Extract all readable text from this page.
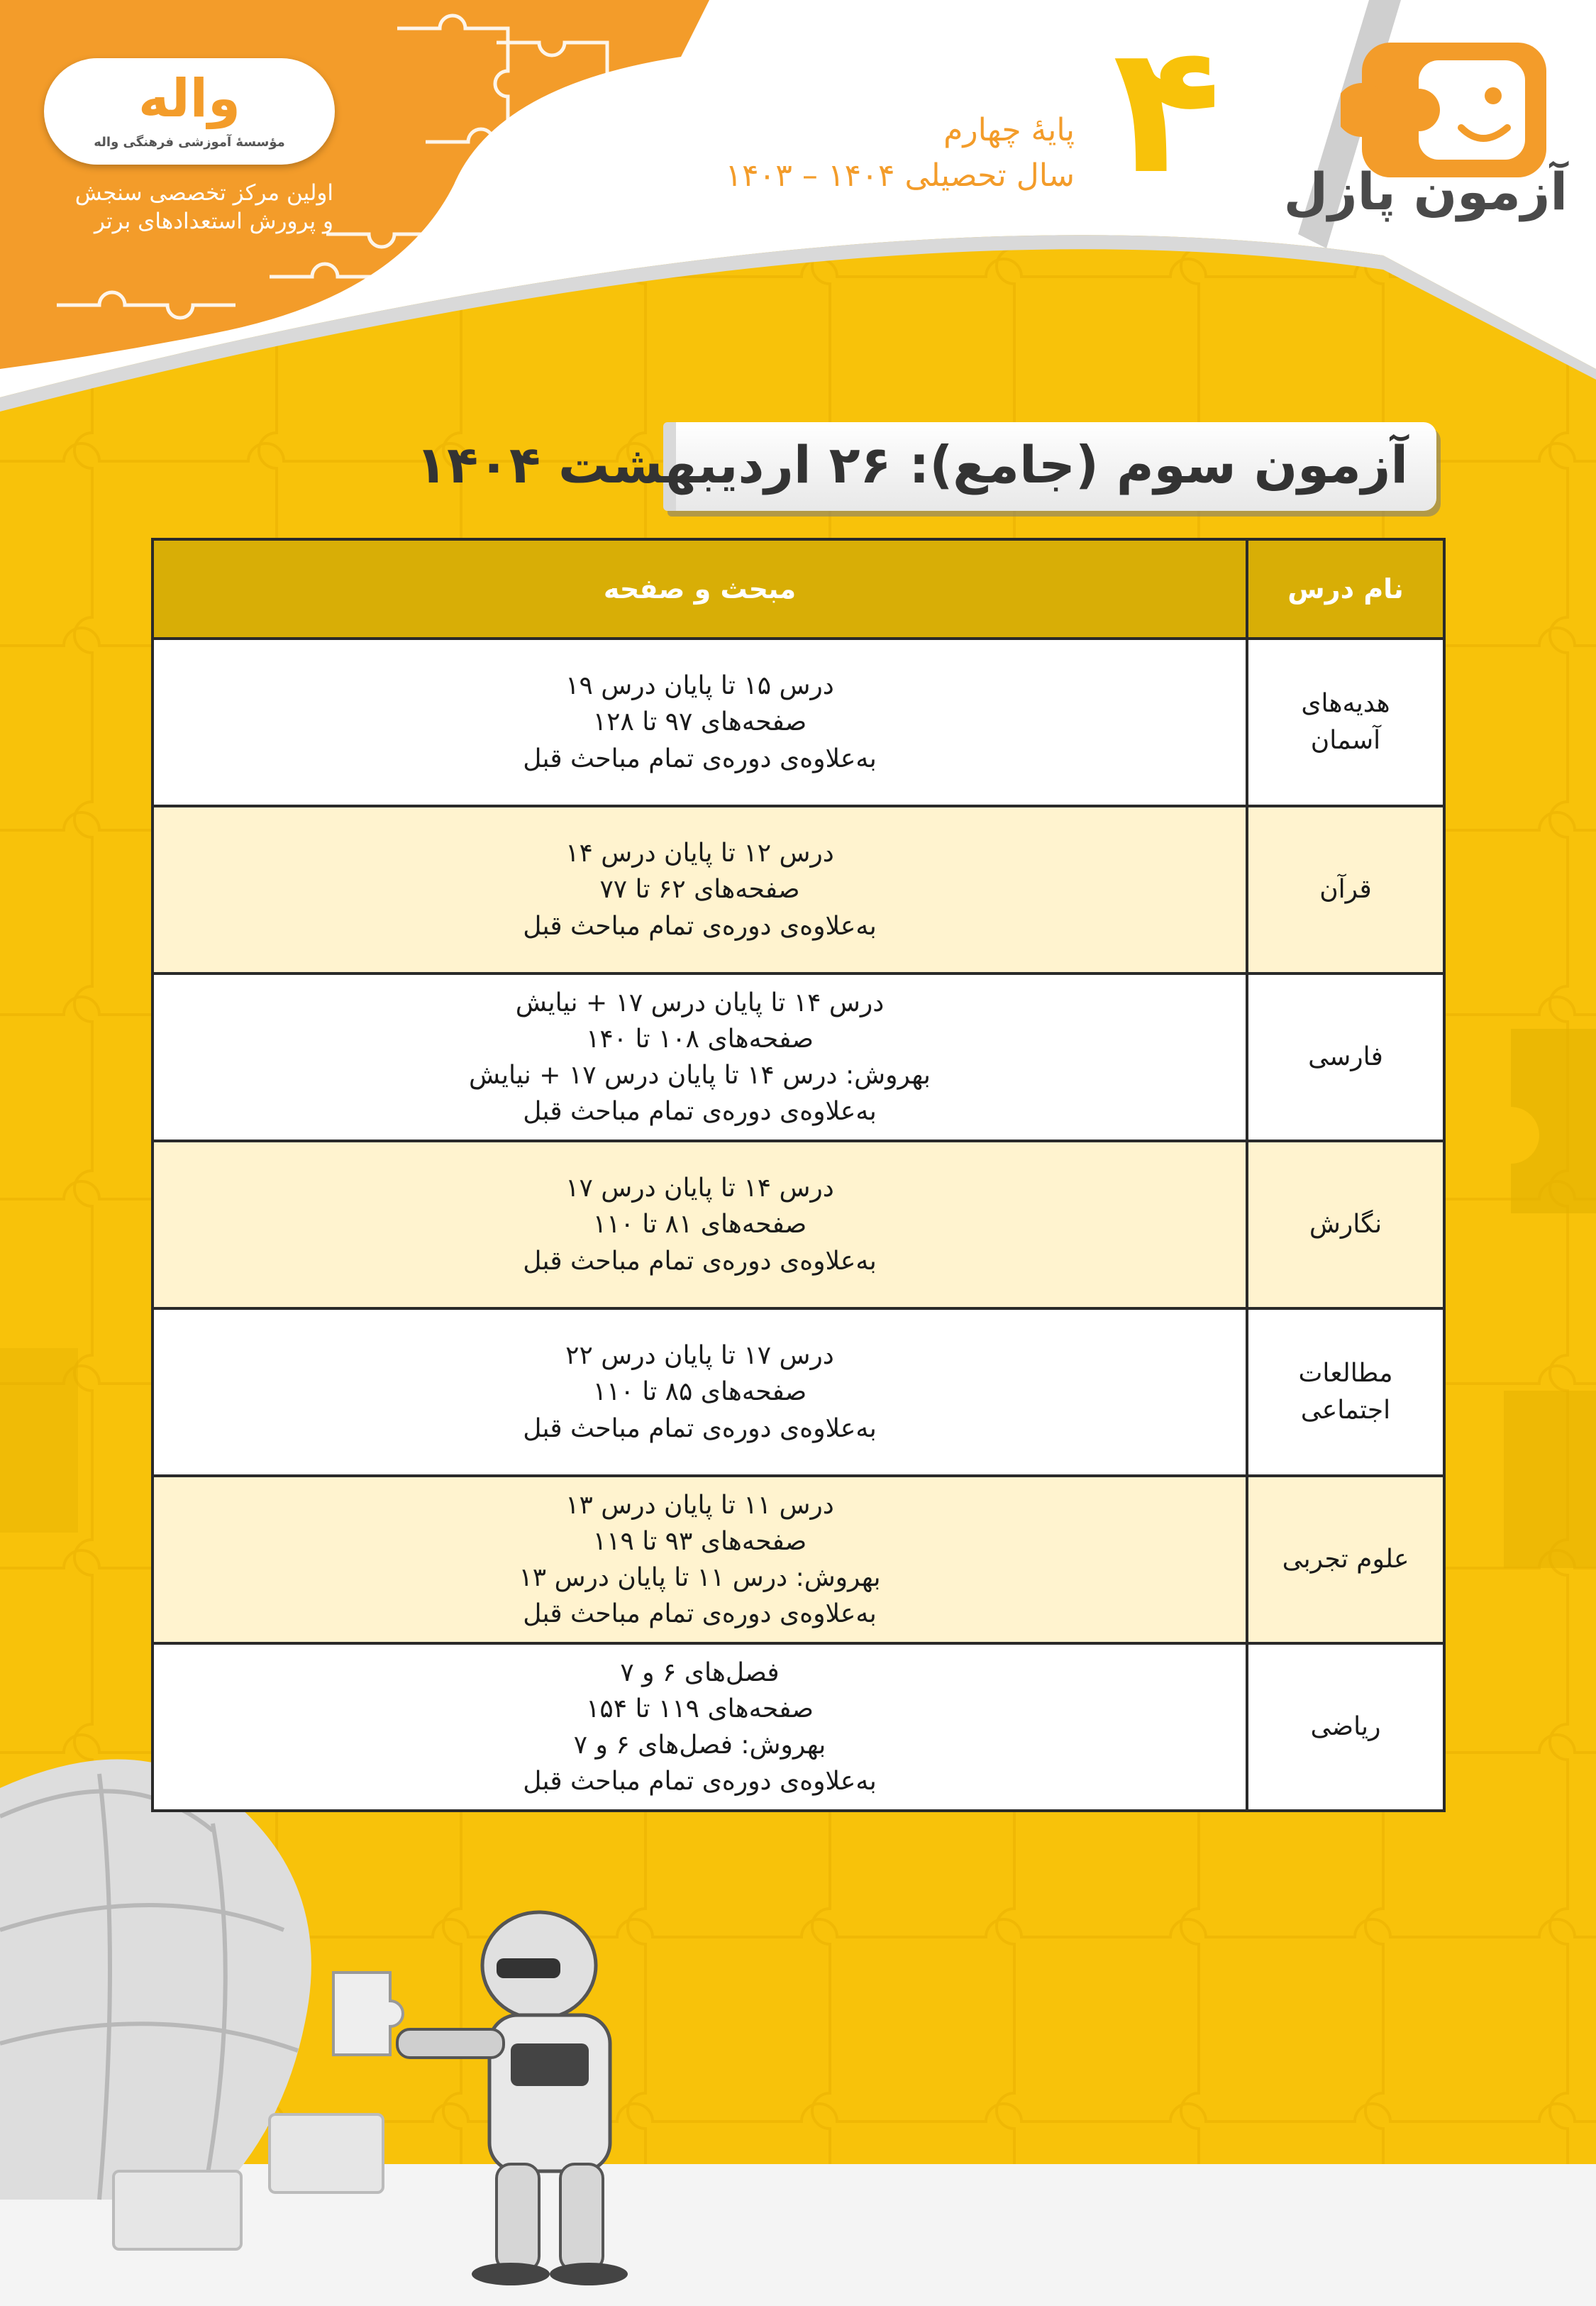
آزمون پازل
۴
پایهٔ چهارم
سال تحصیلی ۱۴۰۴ – ۱۴۰۳
واله
مؤسسهٔ آموزشی فرهنگی واله
اولین مرکز تخصصی سنجش
و پرورش استعدادهای برتر
آزمون سوم (جامع): ۲۶ اردیبهشت ۱۴۰۴
نام درس	مبحث و صفحه

هدیه‌های
آسمان	درس ۱۵ تا پایان درس ۱۹
صفحه‌های ۹۷ تا ۱۲۸
به‌علاوه‌ی دوره‌ی تمام مباحث قبل

قرآن	درس ۱۲ تا پایان درس ۱۴
صفحه‌های ۶۲ تا ۷۷
به‌علاوه‌ی دوره‌ی تمام مباحث قبل

فارسی	درس ۱۴ تا پایان درس ۱۷ + نیایش
صفحه‌های ۱۰۸ تا ۱۴۰
بهروش: درس ۱۴ تا پایان درس ۱۷ + نیایش
به‌علاوه‌ی دوره‌ی تمام مباحث قبل

نگارش	درس ۱۴ تا پایان درس ۱۷
صفحه‌های ۸۱ تا ۱۱۰
به‌علاوه‌ی دوره‌ی تمام مباحث قبل

مطالعات
اجتماعی	درس ۱۷ تا پایان درس ۲۲
صفحه‌های ۸۵ تا ۱۱۰
به‌علاوه‌ی دوره‌ی تمام مباحث قبل

علوم تجربی	درس ۱۱ تا پایان درس ۱۳
صفحه‌های ۹۳ تا ۱۱۹
بهروش: درس ۱۱ تا پایان درس ۱۳
به‌علاوه‌ی دوره‌ی تمام مباحث قبل

ریاضی	فصل‌های ۶ و ۷
صفحه‌های ۱۱۹ تا ۱۵۴
بهروش: فصل‌های ۶ و ۷
به‌علاوه‌ی دوره‌ی تمام مباحث قبل
